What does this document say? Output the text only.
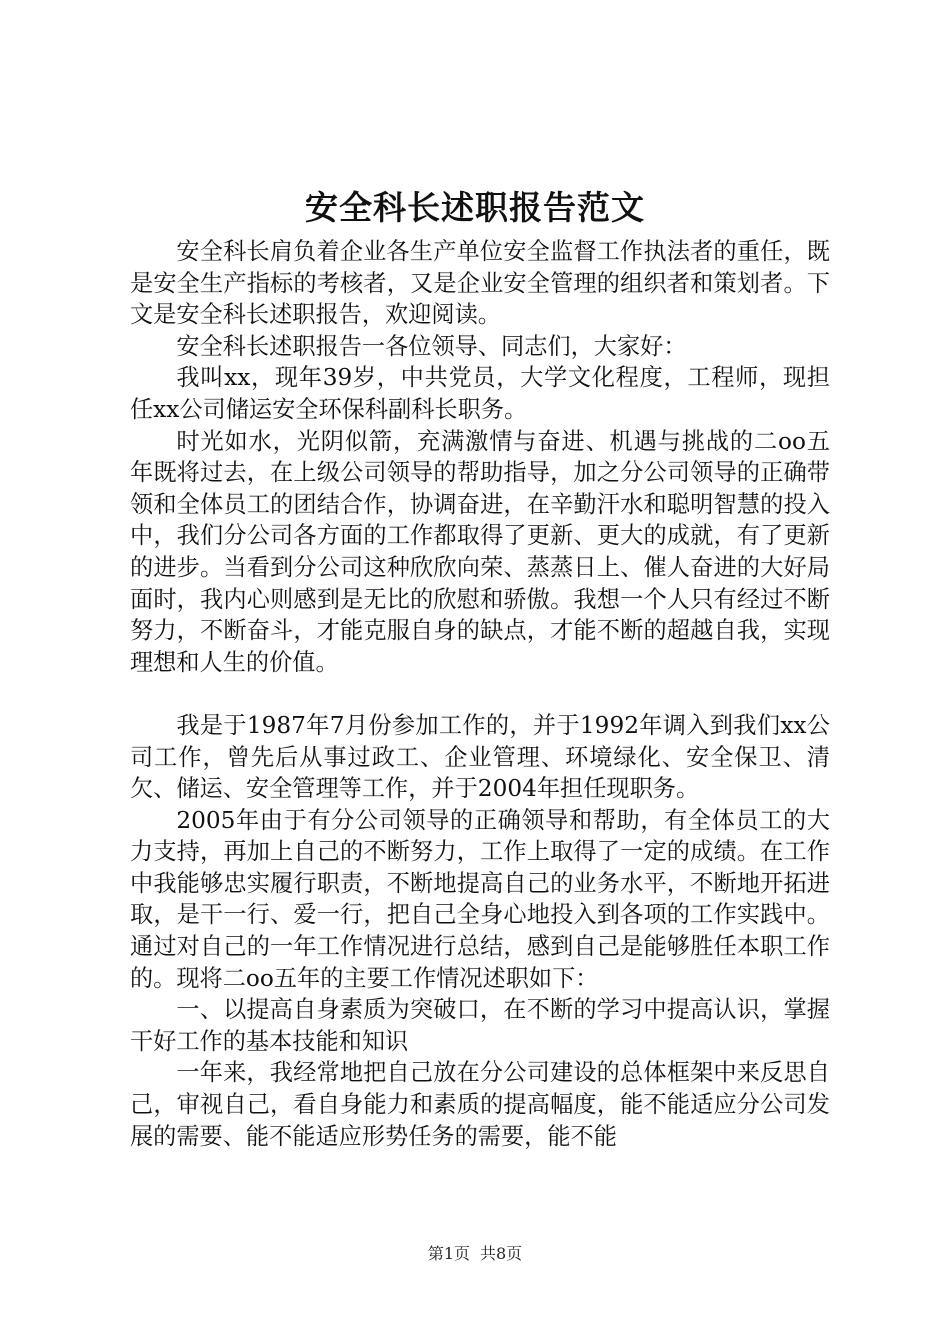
安全科长述职报告范文

安全科长肩负着企业各生产单位安全监督工作执法者的重任，既是安全生产指标的考核者，又是企业安全管理的组织者和策划者。下文是安全科长述职报告，欢迎阅读。

安全科长述职报告一各位领导、同志们，大家好：

我叫xx，现年39岁，中共党员，大学文化程度，工程师，现担任xx公司储运安全环保科副科长职务。

时光如水，光阴似箭，充满激情与奋进、机遇与挑战的二oo五年既将过去，在上级公司领导的帮助指导，加之分公司领导的正确带领和全体员工的团结合作，协调奋进，在辛勤汗水和聪明智慧的投入中，我们分公司各方面的工作都取得了更新、更大的成就，有了更新的进步。当看到分公司这种欣欣向荣、蒸蒸日上、催人奋进的大好局面时，我内心则感到是无比的欣慰和骄傲。我想一个人只有经过不断努力，不断奋斗，才能克服自身的缺点，才能不断的超越自我，实现理想和人生的价值。

我是于1987年7月份参加工作的，并于1992年调入到我们xx公司工作，曾先后从事过政工、企业管理、环境绿化、安全保卫、清欠、储运、安全管理等工作，并于2004年担任现职务。

2005年由于有分公司领导的正确领导和帮助，有全体员工的大力支持，再加上自己的不断努力，工作上取得了一定的成绩。在工作中我能够忠实履行职责，不断地提高自己的业务水平，不断地开拓进取，是干一行、爱一行，把自己全身心地投入到各项的工作实践中。通过对自己的一年工作情况进行总结，感到自己是能够胜任本职工作的。现将二oo五年的主要工作情况述职如下：

一、以提高自身素质为突破口，在不断的学习中提高认识，掌握干好工作的基本技能和知识

一年来，我经常地把自己放在分公司建设的总体框架中来反思自己，审视自己，看自身能力和素质的提高幅度，能不能适应分公司发展的需要、能不能适应形势任务的需要，能不能

第1页 共8页
